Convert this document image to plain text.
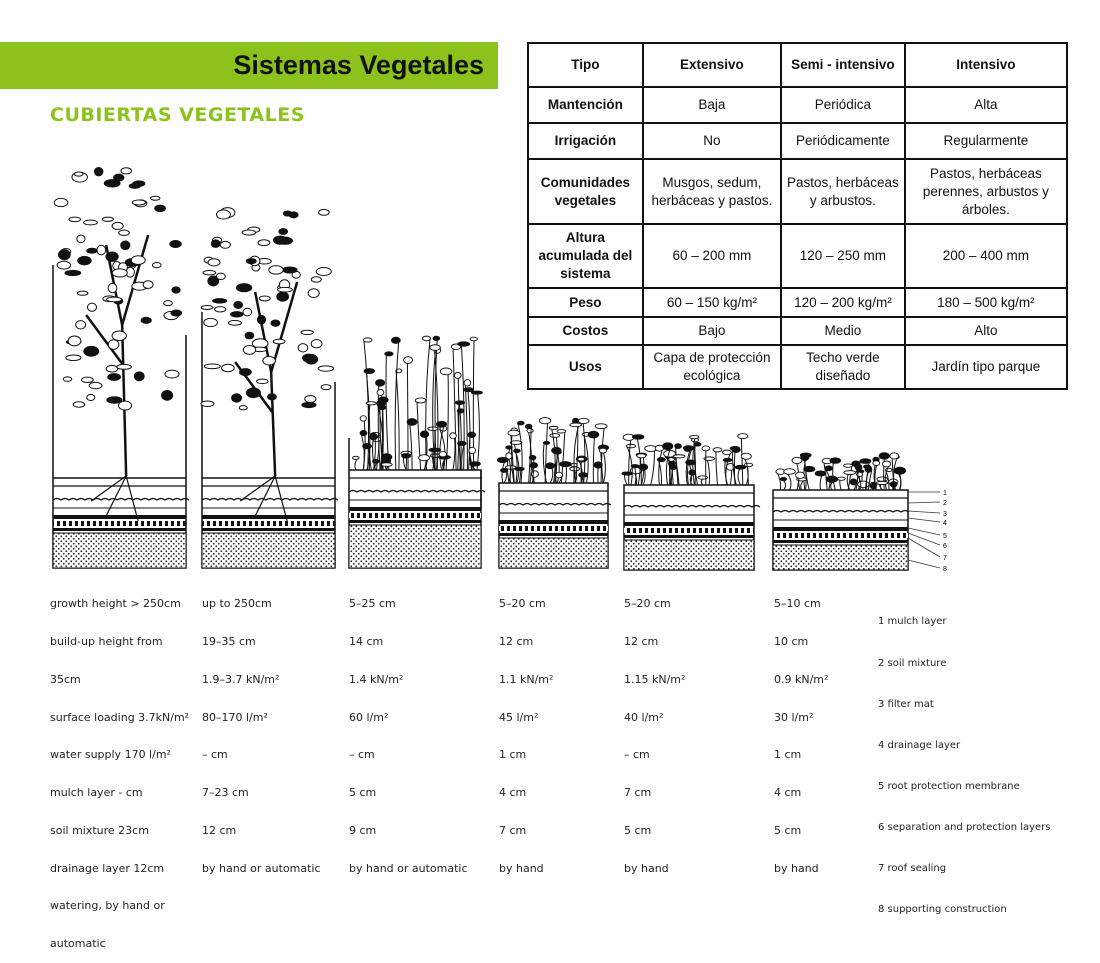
Sistemas Vegetales
CUBIERTAS VEGETALES
Tipo	Extensivo	Semi - intensivo	Intensivo
Mantención	Baja	Periódica	Alta
Irrigación	No	Periódicamente	Regularmente
Comunidades vegetales	Musgos, sedum, herbáceas y pastos.	Pastos, herbáceas y arbustos.	Pastos, herbáceas perennes, arbustos y árboles.
Altura acumulada del sistema	60 – 200 mm	120 – 250 mm	200 – 400 mm
Peso	60 – 150 kg/m²	120 – 200 kg/m²	180 – 500 kg/m²
Costos	Bajo	Medio	Alto
Usos	Capa de protección ecológica	Techo verde diseñado	Jardín tipo parque
1
2
3
4
5
6
7
8

growth height > 250cm

build-up height from

35cm

surface loading 3.7kN/m²

water supply 170 l/m²

mulch layer - cm

soil mixture 23cm

drainage layer 12cm

watering, by hand or

automatic

up to 250cm

19–35 cm

1.9–3.7 kN/m²

80–170 l/m²

– cm

7–23 cm

12 cm

by hand or automatic

5–25 cm

14 cm

1.4 kN/m²

60 l/m²

– cm

5 cm

9 cm

by hand or automatic

5–20 cm

12 cm

1.1 kN/m²

45 l/m²

1 cm

4 cm

7 cm

by hand

5–20 cm

12 cm

1.15 kN/m²

40 l/m²

– cm

7 cm

5 cm

by hand

5–10 cm

10 cm

0.9 kN/m²

30 l/m²

1 cm

4 cm

5 cm

by hand

1 mulch layer

2 soil mixture

3 filter mat

4 drainage layer

5 root protection membrane

6 separation and protection layers

7 roof sealing

8 supporting construction
